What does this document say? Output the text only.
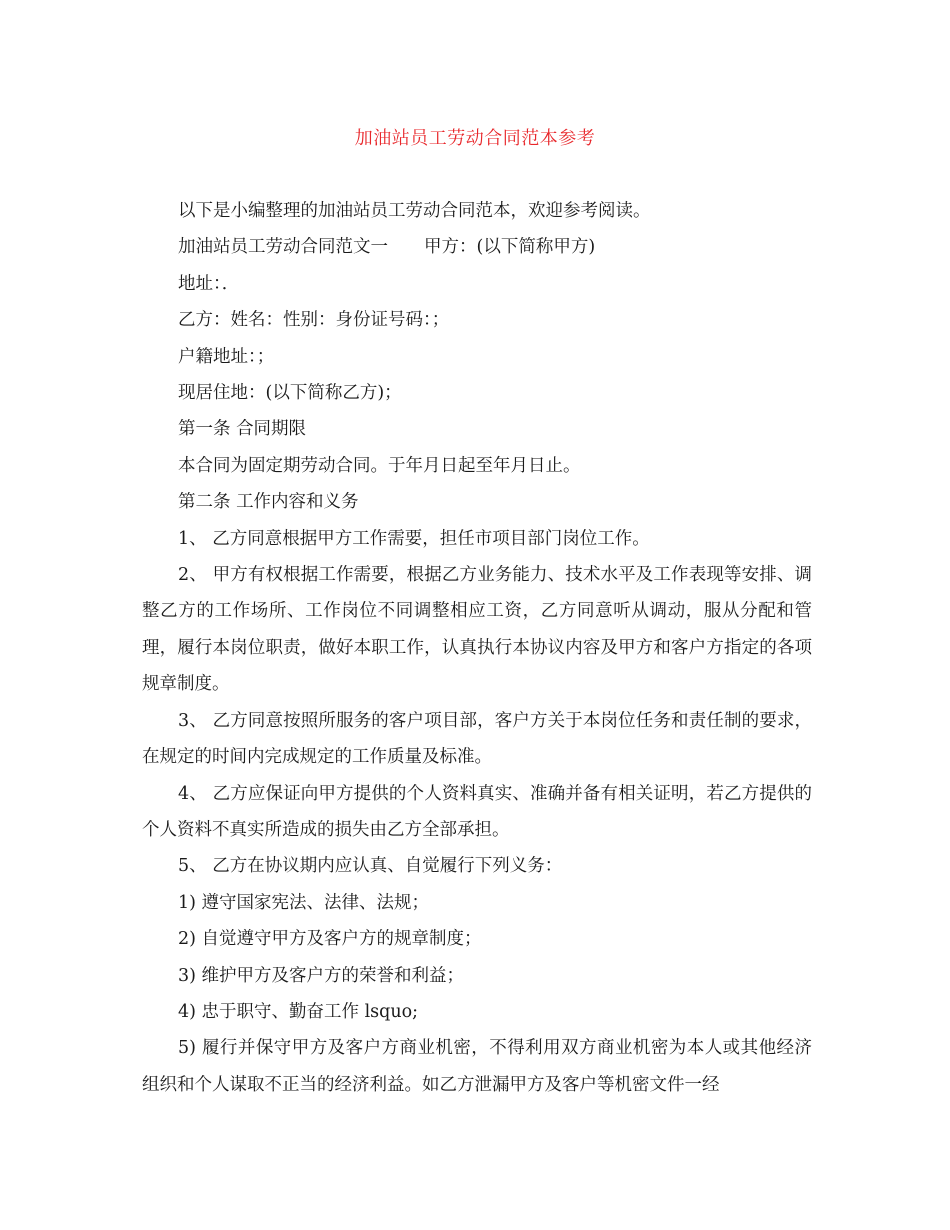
加油站员工劳动合同范本参考

以下是小编整理的加油站员工劳动合同范本，欢迎参考阅读。

加油站员工劳动合同范文一 甲方：(以下简称甲方)

地址：．

乙方：姓名：性别：身份证号码：；

户籍地址：；

现居住地：(以下简称乙方)；

第一条 合同期限

本合同为固定期劳动合同。于年月日起至年月日止。

第二条 工作内容和义务

1、 乙方同意根据甲方工作需要，担任市项目部门岗位工作。

2、 甲方有权根据工作需要，根据乙方业务能力、技术水平及工作表现等安排、调整乙方的工作场所、工作岗位不同调整相应工资，乙方同意听从调动，服从分配和管理，履行本岗位职责，做好本职工作，认真执行本协议内容及甲方和客户方指定的各项规章制度。

3、 乙方同意按照所服务的客户项目部，客户方关于本岗位任务和责任制的要求，在规定的时间内完成规定的工作质量及标准。

4、 乙方应保证向甲方提供的个人资料真实、准确并备有相关证明，若乙方提供的个人资料不真实所造成的损失由乙方全部承担。

5、 乙方在协议期内应认真、自觉履行下列义务：

1) 遵守国家宪法、法律、法规；

2) 自觉遵守甲方及客户方的规章制度；

3) 维护甲方及客户方的荣誉和利益；

4) 忠于职守、勤奋工作 lsquo;

5) 履行并保守甲方及客户方商业机密，不得利用双方商业机密为本人或其他经济组织和个人谋取不正当的经济利益。如乙方泄漏甲方及客户等机密文件一经
